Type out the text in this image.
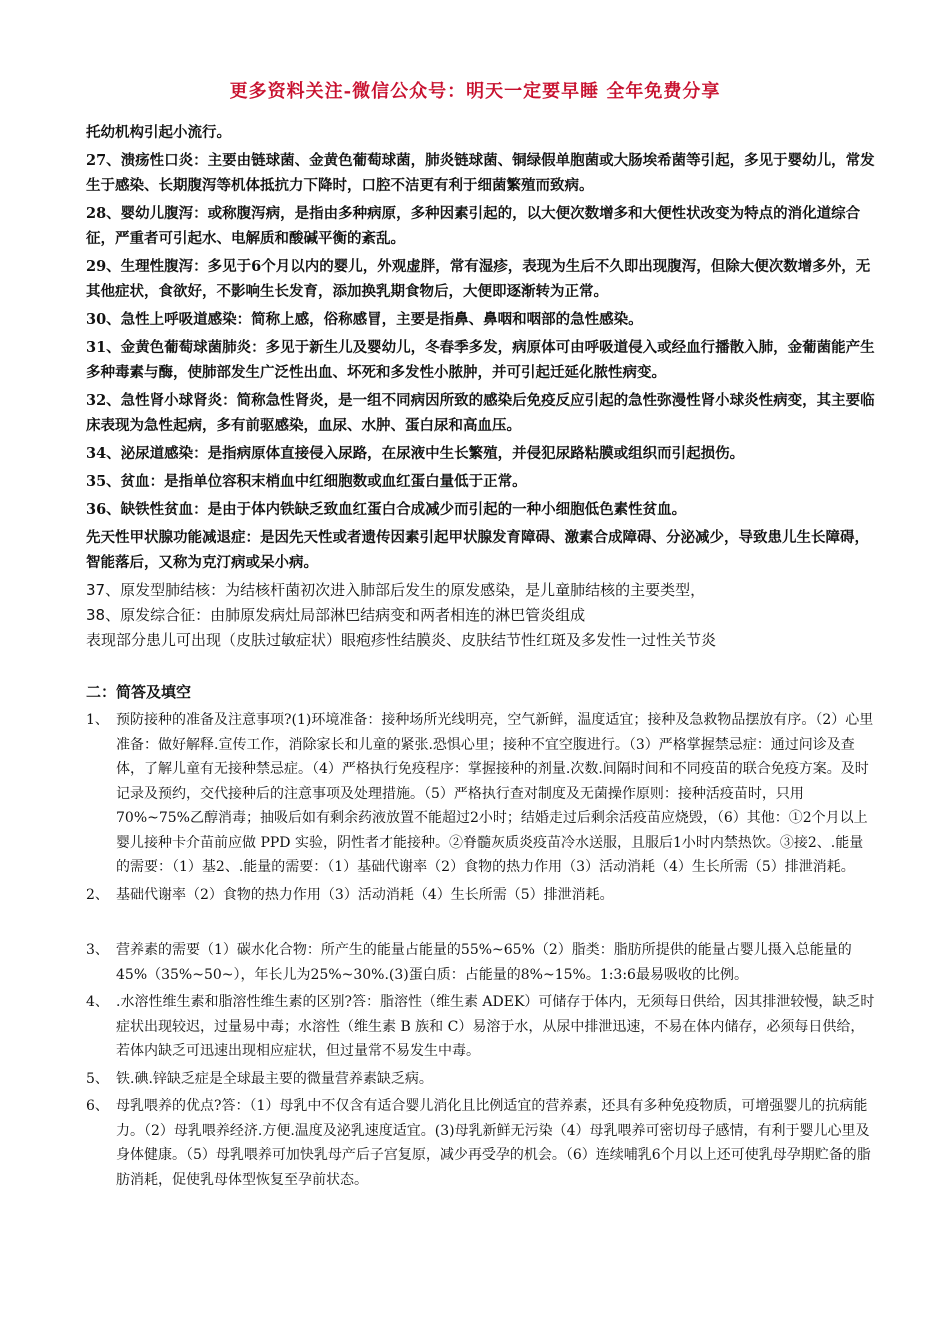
更多资料关注-微信公众号：明天一定要早睡 全年免费分享

托幼机构引起小流行。

27、溃疡性口炎：主要由链球菌、金黄色葡萄球菌，肺炎链球菌、铜绿假单胞菌或大肠埃希菌等引起，多见于婴幼儿，常发生于感染、长期腹泻等机体抵抗力下降时，口腔不洁更有利于细菌繁殖而致病。

28、婴幼儿腹泻：或称腹泻病，是指由多种病原，多种因素引起的，以大便次数增多和大便性状改变为特点的消化道综合征，严重者可引起水、电解质和酸碱平衡的紊乱。

29、生理性腹泻：多见于6个月以内的婴儿，外观虚胖，常有湿疹，表现为生后不久即出现腹泻，但除大便次数增多外，无其他症状，食欲好，不影响生长发育，添加换乳期食物后，大便即逐渐转为正常。

30、急性上呼吸道感染：简称上感，俗称感冒，主要是指鼻、鼻咽和咽部的急性感染。

31、金黄色葡萄球菌肺炎：多见于新生儿及婴幼儿，冬春季多发，病原体可由呼吸道侵入或经血行播散入肺，金葡菌能产生多种毒素与酶，使肺部发生广泛性出血、坏死和多发性小脓肿，并可引起迁延化脓性病变。

32、急性肾小球肾炎：简称急性肾炎，是一组不同病因所致的感染后免疫反应引起的急性弥漫性肾小球炎性病变，其主要临床表现为急性起病，多有前驱感染，血尿、水肿、蛋白尿和高血压。

34、泌尿道感染：是指病原体直接侵入尿路，在尿液中生长繁殖，并侵犯尿路粘膜或组织而引起损伤。

35、贫血：是指单位容积末梢血中红细胞数或血红蛋白量低于正常。

36、缺铁性贫血：是由于体内铁缺乏致血红蛋白合成减少而引起的一种小细胞低色素性贫血。

先天性甲状腺功能减退症：是因先天性或者遗传因素引起甲状腺发育障碍、激素合成障碍、分泌减少，导致患儿生长障碍，智能落后，又称为克汀病或呆小病。

37、原发型肺结核：为结核杆菌初次进入肺部后发生的原发感染，是儿童肺结核的主要类型，

38、原发综合征：由肺原发病灶局部淋巴结病变和两者相连的淋巴管炎组成

表现部分患儿可出现（皮肤过敏症状）眼疱疹性结膜炎、皮肤结节性红斑及多发性一过性关节炎

二：简答及填空
1、 预防接种的准备及注意事项?(1)环境准备：接种场所光线明亮，空气新鲜，温度适宜；接种及急救物品摆放有序。（2）心里准备：做好解释.宣传工作，消除家长和儿童的紧张.恐惧心里；接种不宜空腹进行。（3）严格掌握禁忌症：通过问诊及查体，了解儿童有无接种禁忌症。（4）严格执行免疫程序：掌握接种的剂量.次数.间隔时间和不同疫苗的联合免疫方案。及时记录及预约，交代接种后的注意事项及处理措施。（5）严格执行查对制度及无菌操作原则：接种活疫苗时，只用70%~75%乙醇消毒；抽吸后如有剩余药液放置不能超过2小时；结婚走过后剩余活疫苗应烧毁，（6）其他：①2个月以上婴儿接种卡介苗前应做 PPD 实验，阴性者才能接种。②脊髓灰质炎疫苗冷水送服，且服后1小时内禁热饮。③接2、.能量的需要：（1）基2、.能量的需要：（1）基础代谢率（2）食物的热力作用（3）活动消耗（4）生长所需（5）排泄消耗。
2、 基础代谢率（2）食物的热力作用（3）活动消耗（4）生长所需（5）排泄消耗。
3、 营养素的需要（1）碳水化合物：所产生的能量占能量的55%~65%（2）脂类：脂肪所提供的能量占婴儿摄入总能量的45%（35%~50~），年长儿为25%~30%.(3)蛋白质：占能量的8%~15%。1:3:6最易吸收的比例。
4、 .水溶性维生素和脂溶性维生素的区别?答：脂溶性（维生素 ADEK）可储存于体内，无须每日供给，因其排泄较慢，缺乏时症状出现较迟，过量易中毒；水溶性（维生素 B 族和 C）易溶于水，从尿中排泄迅速，不易在体内储存，必须每日供给，若体内缺乏可迅速出现相应症状，但过量常不易发生中毒。
5、 铁.碘.锌缺乏症是全球最主要的微量营养素缺乏病。
6、 母乳喂养的优点?答：（1）母乳中不仅含有适合婴儿消化且比例适宜的营养素，还具有多种免疫物质，可增强婴儿的抗病能力。（2）母乳喂养经济.方便.温度及泌乳速度适宜。(3)母乳新鲜无污染（4）母乳喂养可密切母子感情，有利于婴儿心里及身体健康。（5）母乳喂养可加快乳母产后子宫复原，减少再受孕的机会。（6）连续哺乳6个月以上还可使乳母孕期贮备的脂肪消耗，促使乳母体型恢复至孕前状态。
